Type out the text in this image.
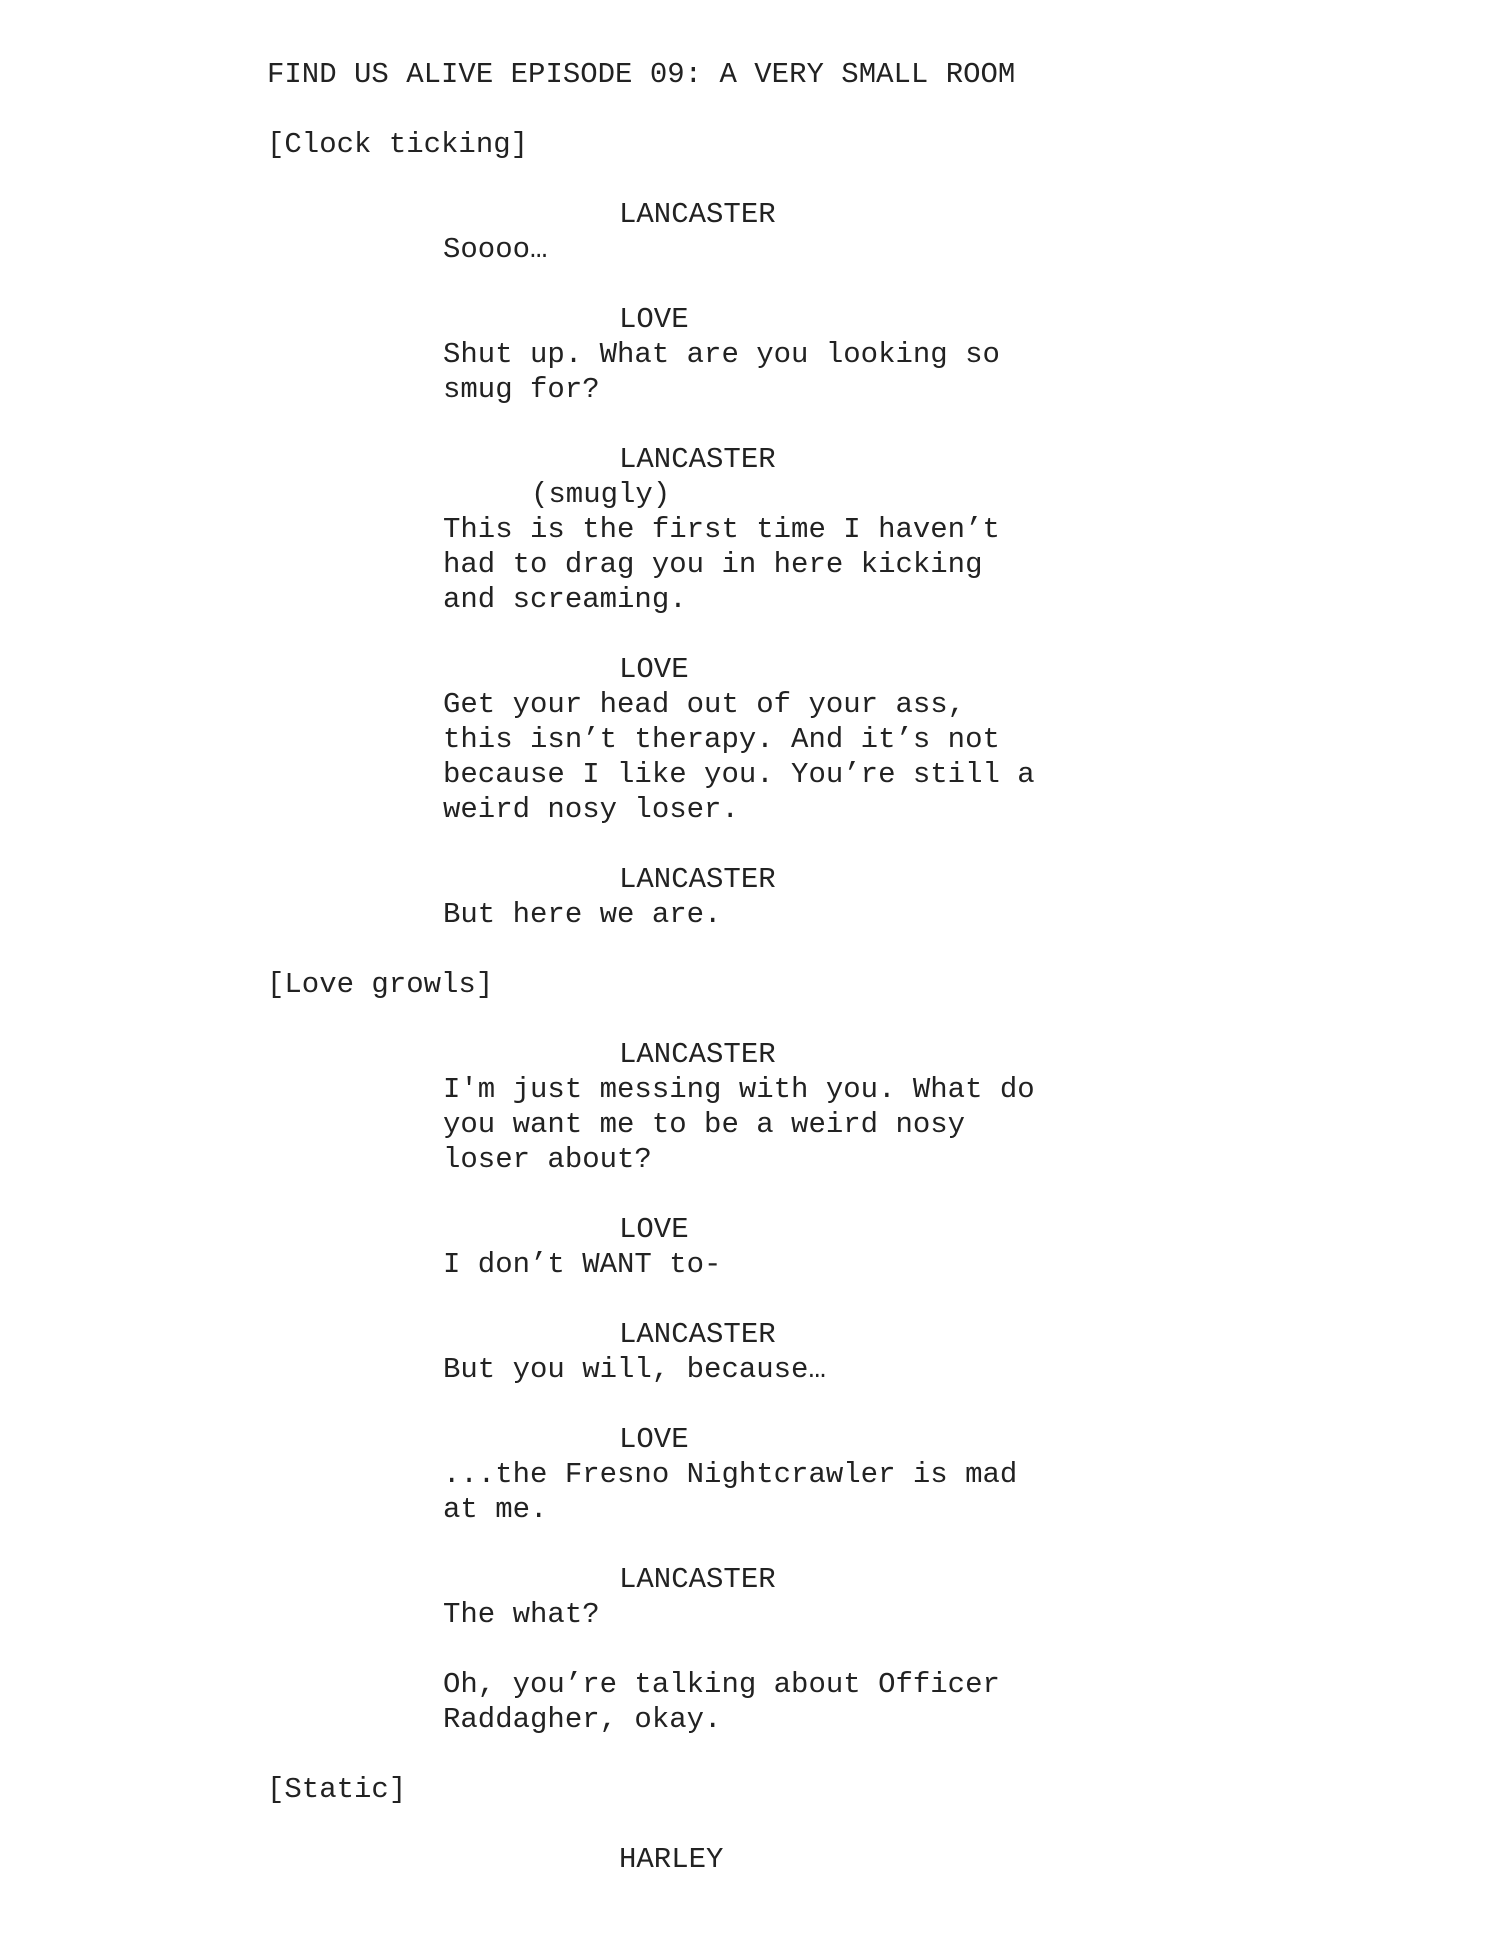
FIND US ALIVE EPISODE 09: A VERY SMALL ROOM
[Clock ticking]
LANCASTER
Soooo…
LOVE
Shut up. What are you looking so
smug for?
LANCASTER
(smugly)
This is the first time I haven’t
had to drag you in here kicking
and screaming.
LOVE
Get your head out of your ass,
this isn’t therapy. And it’s not
because I like you. You’re still a
weird nosy loser.
LANCASTER
But here we are.
[Love growls]
LANCASTER
I'm just messing with you. What do
you want me to be a weird nosy
loser about?
LOVE
I don’t WANT to-
LANCASTER
But you will, because…
LOVE
...the Fresno Nightcrawler is mad
at me.
LANCASTER
The what?
Oh, you’re talking about Officer
Raddagher, okay.
[Static]
HARLEY
